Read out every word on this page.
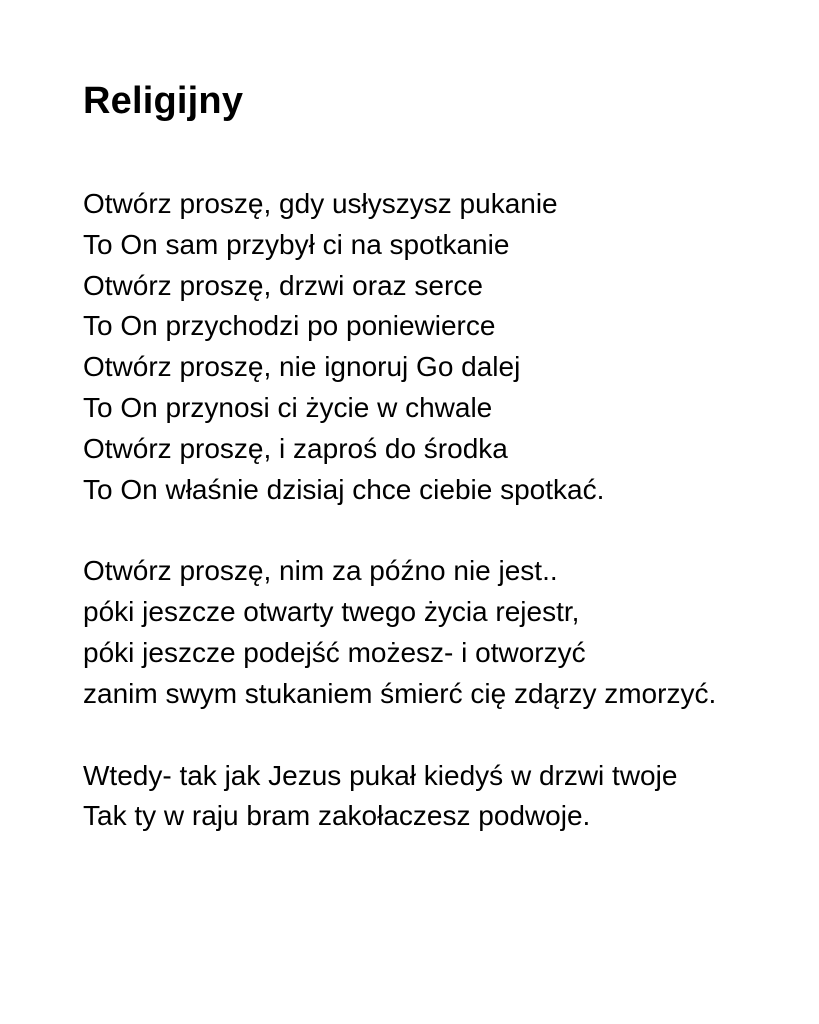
Religijny
Otwórz proszę, gdy usłyszysz pukanie
To On sam przybył ci na spotkanie
Otwórz proszę, drzwi oraz serce
To On przychodzi po poniewierce
Otwórz proszę, nie ignoruj Go dalej
To On przynosi ci życie w chwale
Otwórz proszę, i zaproś do środka
To On właśnie dzisiaj chce ciebie spotkać.
Otwórz proszę, nim za późno nie jest..
póki jeszcze otwarty twego życia rejestr,
póki jeszcze podejść możesz- i otworzyć
zanim swym stukaniem śmierć cię zdąrzy zmorzyć.
Wtedy- tak jak Jezus pukał kiedyś w drzwi twoje
Tak ty w raju bram zakołaczesz podwoje.
